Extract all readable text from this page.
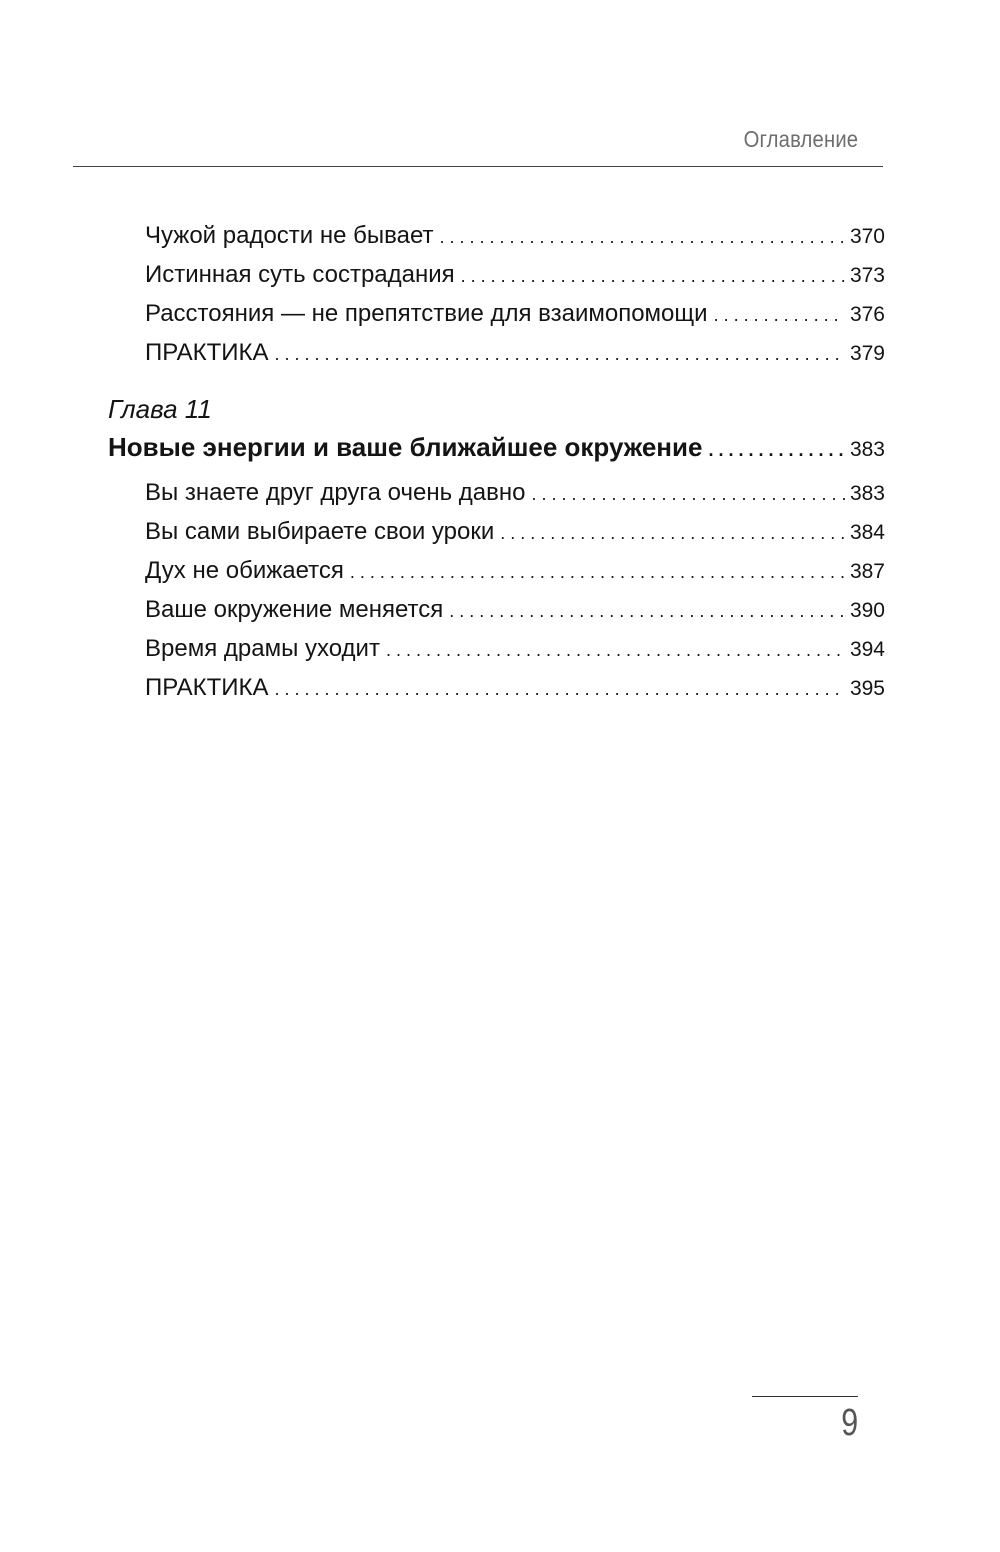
Оглавление
Чужой радости не бывает . . .	370
Истинная суть сострадания . . .	373
Расстояния — не препятствие для взаимопомощи . . .	376
ПРАКТИКА . . .	379
Глава 11
Новые энергии и ваше ближайшее окружение . . .	383
Вы знаете друг друга очень давно . . .	383
Вы сами выбираете свои уроки . . .	384
Дух не обижается . . .	387
Ваше окружение меняется . . .	390
Время драмы уходит . . .	394
ПРАКТИКА . . .	395
9
